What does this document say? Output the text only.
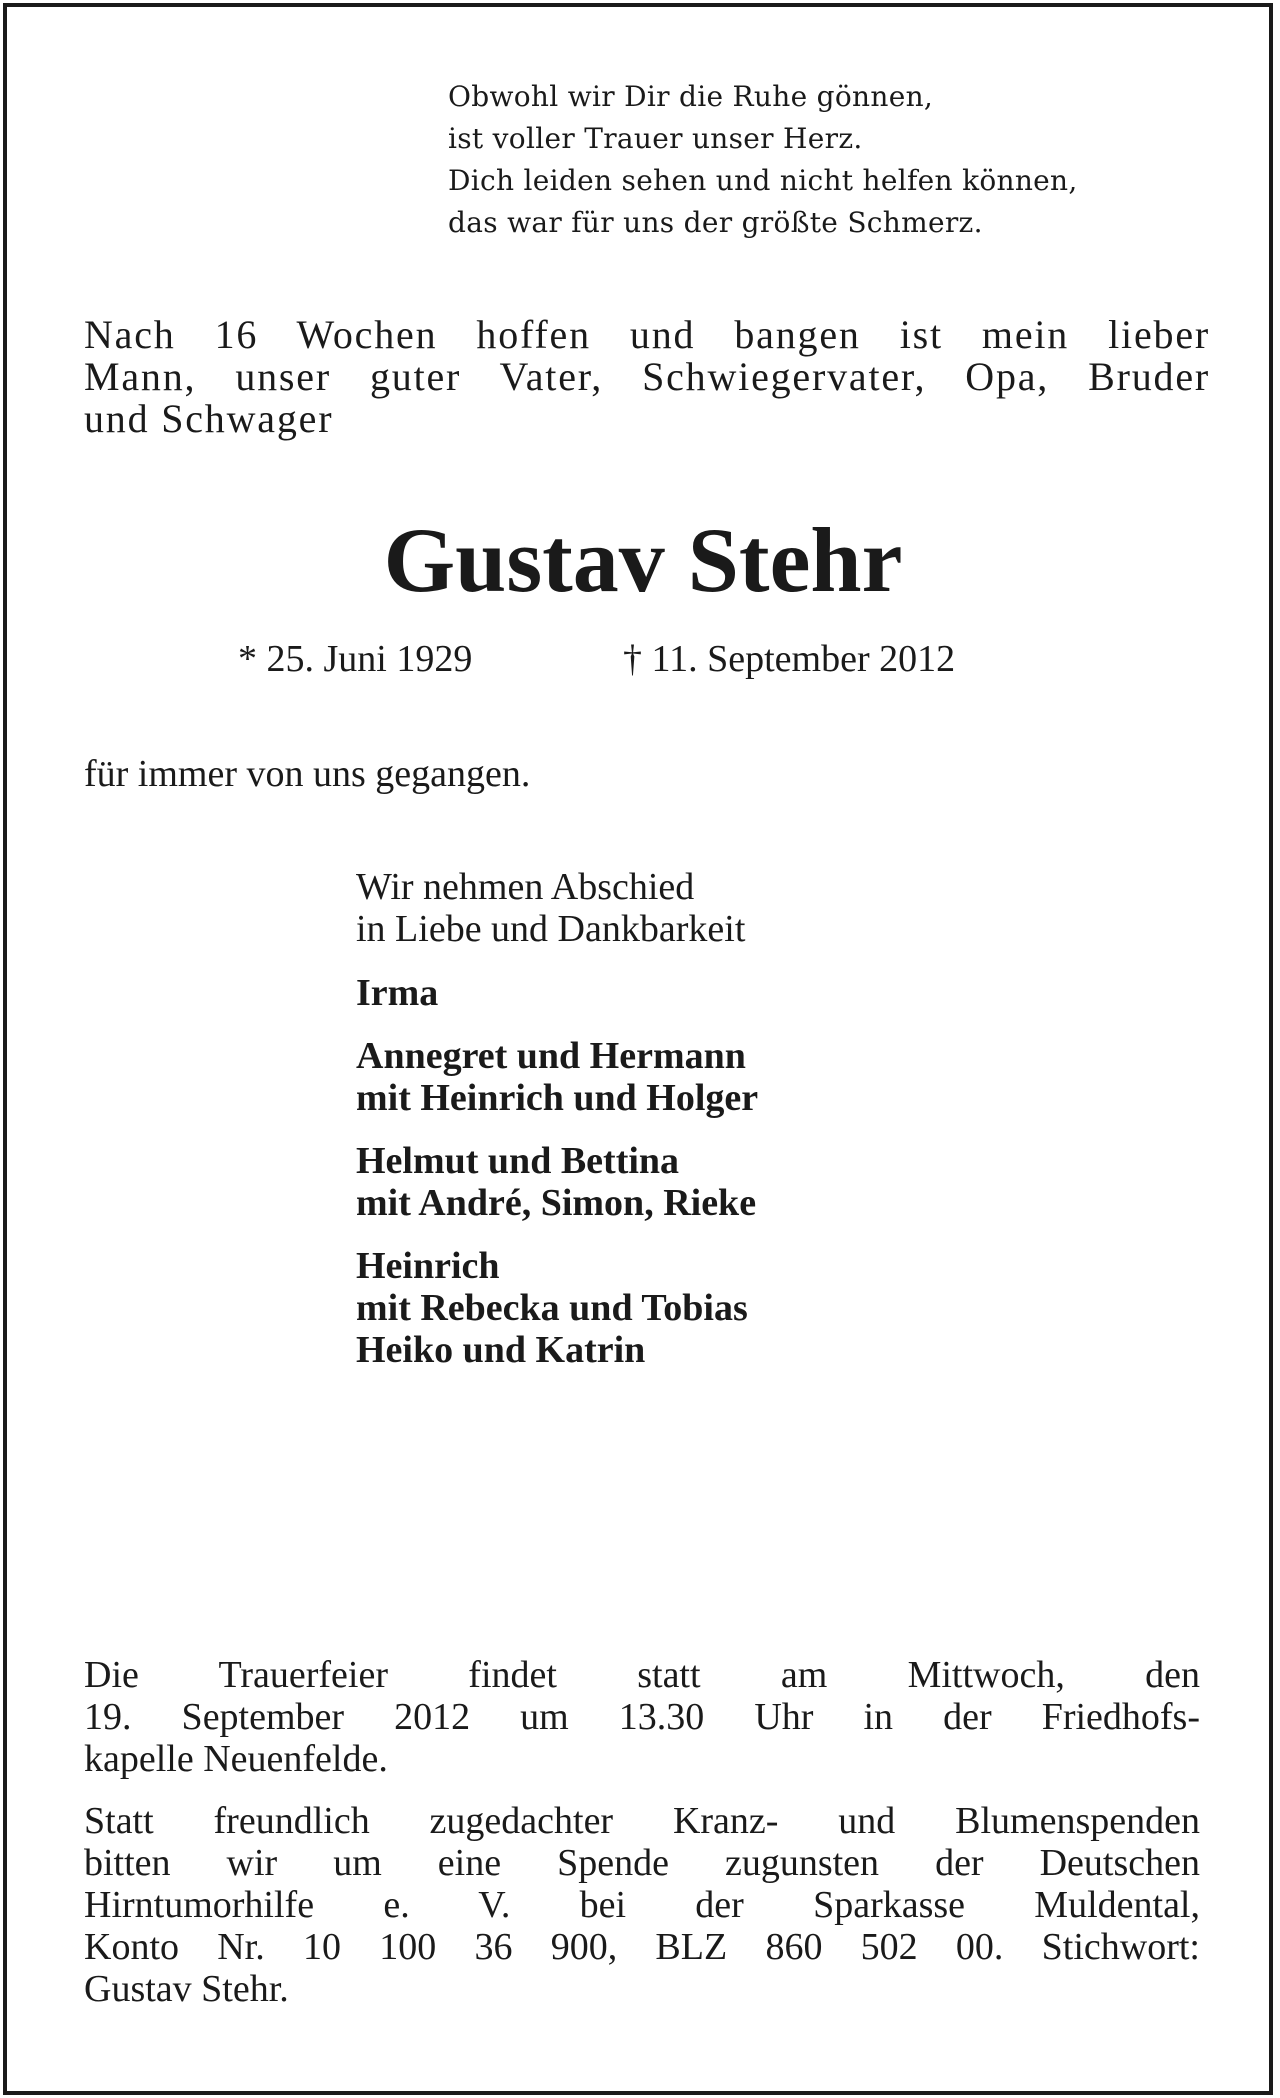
Obwohl wir Dir die Ruhe gönnen,
ist voller Trauer unser Herz.
Dich leiden sehen und nicht helfen können,
das war für uns der größte Schmerz.
Nach 16 Wochen hoffen und bangen ist mein lieber
Mann, unser guter Vater, Schwiegervater, Opa, Bruder
und Schwager
Gustav Stehr
* 25. Juni 1929	† 11. September 2012
für immer von uns gegangen.
Wir nehmen Abschied
in Liebe und Dankbarkeit
Irma
Annegret und Hermann
mit Heinrich und Holger
Helmut und Bettina
mit André, Simon, Rieke
Heinrich
mit Rebecka und Tobias
Heiko und Katrin
Die Trauerfeier findet statt am Mittwoch, den
19. September 2012 um 13.30 Uhr in der Friedhofs-
kapelle Neuenfelde.
Statt freundlich zugedachter Kranz- und Blumenspenden
bitten wir um eine Spende zugunsten der Deutschen
Hirntumorhilfe e. V. bei der Sparkasse Muldental,
Konto Nr. 10 100 36 900, BLZ 860 502 00. Stichwort:
Gustav Stehr.
